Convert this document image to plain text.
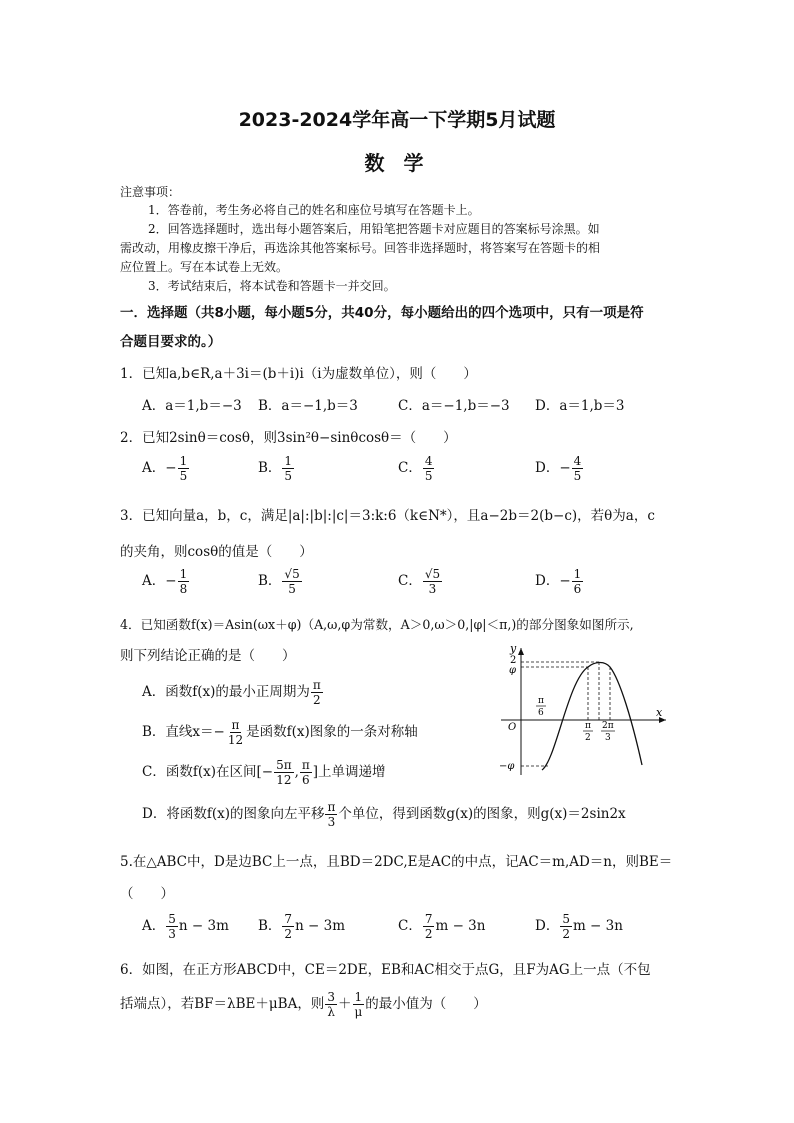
2023-2024学年高一下学期5月试题
数 学
注意事项：
1．答卷前，考生务必将自己的姓名和座位号填写在答题卡上。
2．回答选择题时，选出每小题答案后，用铅笔把答题卡对应题目的答案标号涂黑。如
需改动，用橡皮擦干净后，再选涂其他答案标号。回答非选择题时，将答案写在答题卡的相
应位置上。写在本试卷上无效。
3．考试结束后，将本试卷和答题卡一并交回。
一．选择题（共8小题，每小题5分，共40分，每小题给出的四个选项中，只有一项是符
合题目要求的。）
1．已知a,b∈R,a＋3i＝(b＋i)i（i为虚数单位），则（　　）
A．a＝1,b＝−3 B．a＝−1,b＝3	C．a＝−1,b＝−3 D．a＝1,b＝3
2．已知2sinθ＝cosθ，则3sin²θ−sinθcosθ＝（　　）
A．− $\frac{1}{5}$	B． $\frac{1}{5}$	C． $\frac{4}{5}$	D．− $\frac{4}{5}$
3．已知向量a，b，c，满足|a|:|b|:|c|＝3:k:6（k∈N*），且a−2b＝2(b−c)，若θ为a，c
的夹角，则cosθ的值是（　　）
A．− $\frac{1}{8}$	B． $\frac{√5}{5}$	C． $\frac{√5}{3}$	D．− $\frac{1}{6}$
4．已知函数f(x)＝Asin(ωx＋φ)（A,ω,φ为常数，A＞0,ω＞0,|φ|＜π,)的部分图象如图所示,
则下列结论正确的是（　　）
A．函数f(x)的最小正周期为 $\frac{\pi}{2}$
B．直线$x=- \frac{\pi}{12}$ 是函数f(x)图象的一条对称轴
C．函数f(x)在区间[− $\frac{5\pi}{12}$ , $\frac{\pi}{6}$ ]上单调递增
D．将函数f(x)的图象向左平移 $\frac{\pi}{3}$ 个单位，得到函数g(x)的图象，则g(x)＝2sin2x
y
x
O
2
φ
−φ
π
6
π
2
2π
3
5.在△ABC中，D是边BC上一点，且BD＝2DC,E是AC的中点，记AC＝m,AD＝n，则BE＝
（　　）
A． $\frac{5}{3}$ n − 3m B． $\frac{7}{2}$ n − 3m	C． $\frac{7}{2}$ m − 3n	D． $\frac{5}{2}$ m − 3n
6．如图，在正方形ABCD中，CE＝2DE，EB和AC相交于点G，且F为AG上一点（不包
括端点），若BF＝λBE＋μBA，则 $\frac{3}{\lambda} + \frac{1}{\mu}$ 的最小值为（　　）
